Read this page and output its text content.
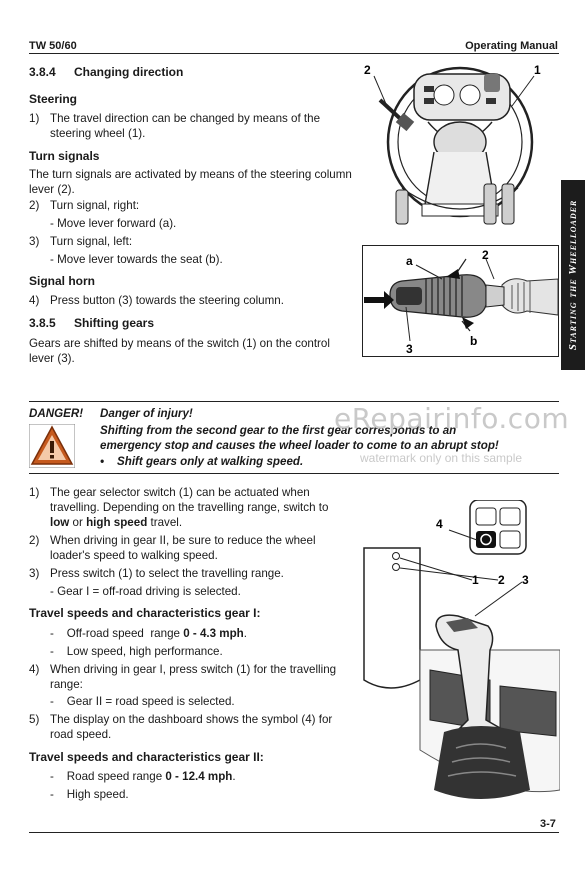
TW 50/60	Operating Manual
3.8.4 Changing direction
Steering
1) The travel direction can be changed by means of the
steering wheel (1).
Turn signals
The turn signals are activated by means of the steering column
lever (2).
2) Turn signal, right:
- Move lever forward (a).
3) Turn signal, left:
- Move lever towards the seat (b).
Signal horn
4) Press button (3) towards the steering column.
3.8.5 Shifting gears
Gears are shifted by means of the switch (1) on the control
lever (3).
2	1
a	2
b
3	Starting the Wheelloader
DANGER! Danger of injury!
Shifting from the second gear to the first gear corresponds to an
emergency stop and causes the wheel loader to come to an abrupt stop!
• Shift gears only at walking speed.
eRepairinfo.com
watermark only on this sample
1) The gear selector switch (1) can be actuated when
travelling. Depending on the travelling range, switch to
low or high speed travel.
2) When driving in gear II, be sure to reduce the wheel
loader's speed to walking speed.
3) Press switch (1) to select the travelling range.
- Gear I = off-road driving is selected.
Travel speeds and characteristics gear I:
-    Off-road speed  range 0 - 4.3 mph.
-    Low speed, high performance.
4) When driving in gear I, press switch (1) for the travelling
range:
-    Gear II = road speed is selected.
5) The display on the dashboard shows the symbol (4) for
road speed.
Travel speeds and characteristics gear II:
-    Road speed range 0 - 12.4 mph.
-    High speed.
4
1 2 3
3-7
